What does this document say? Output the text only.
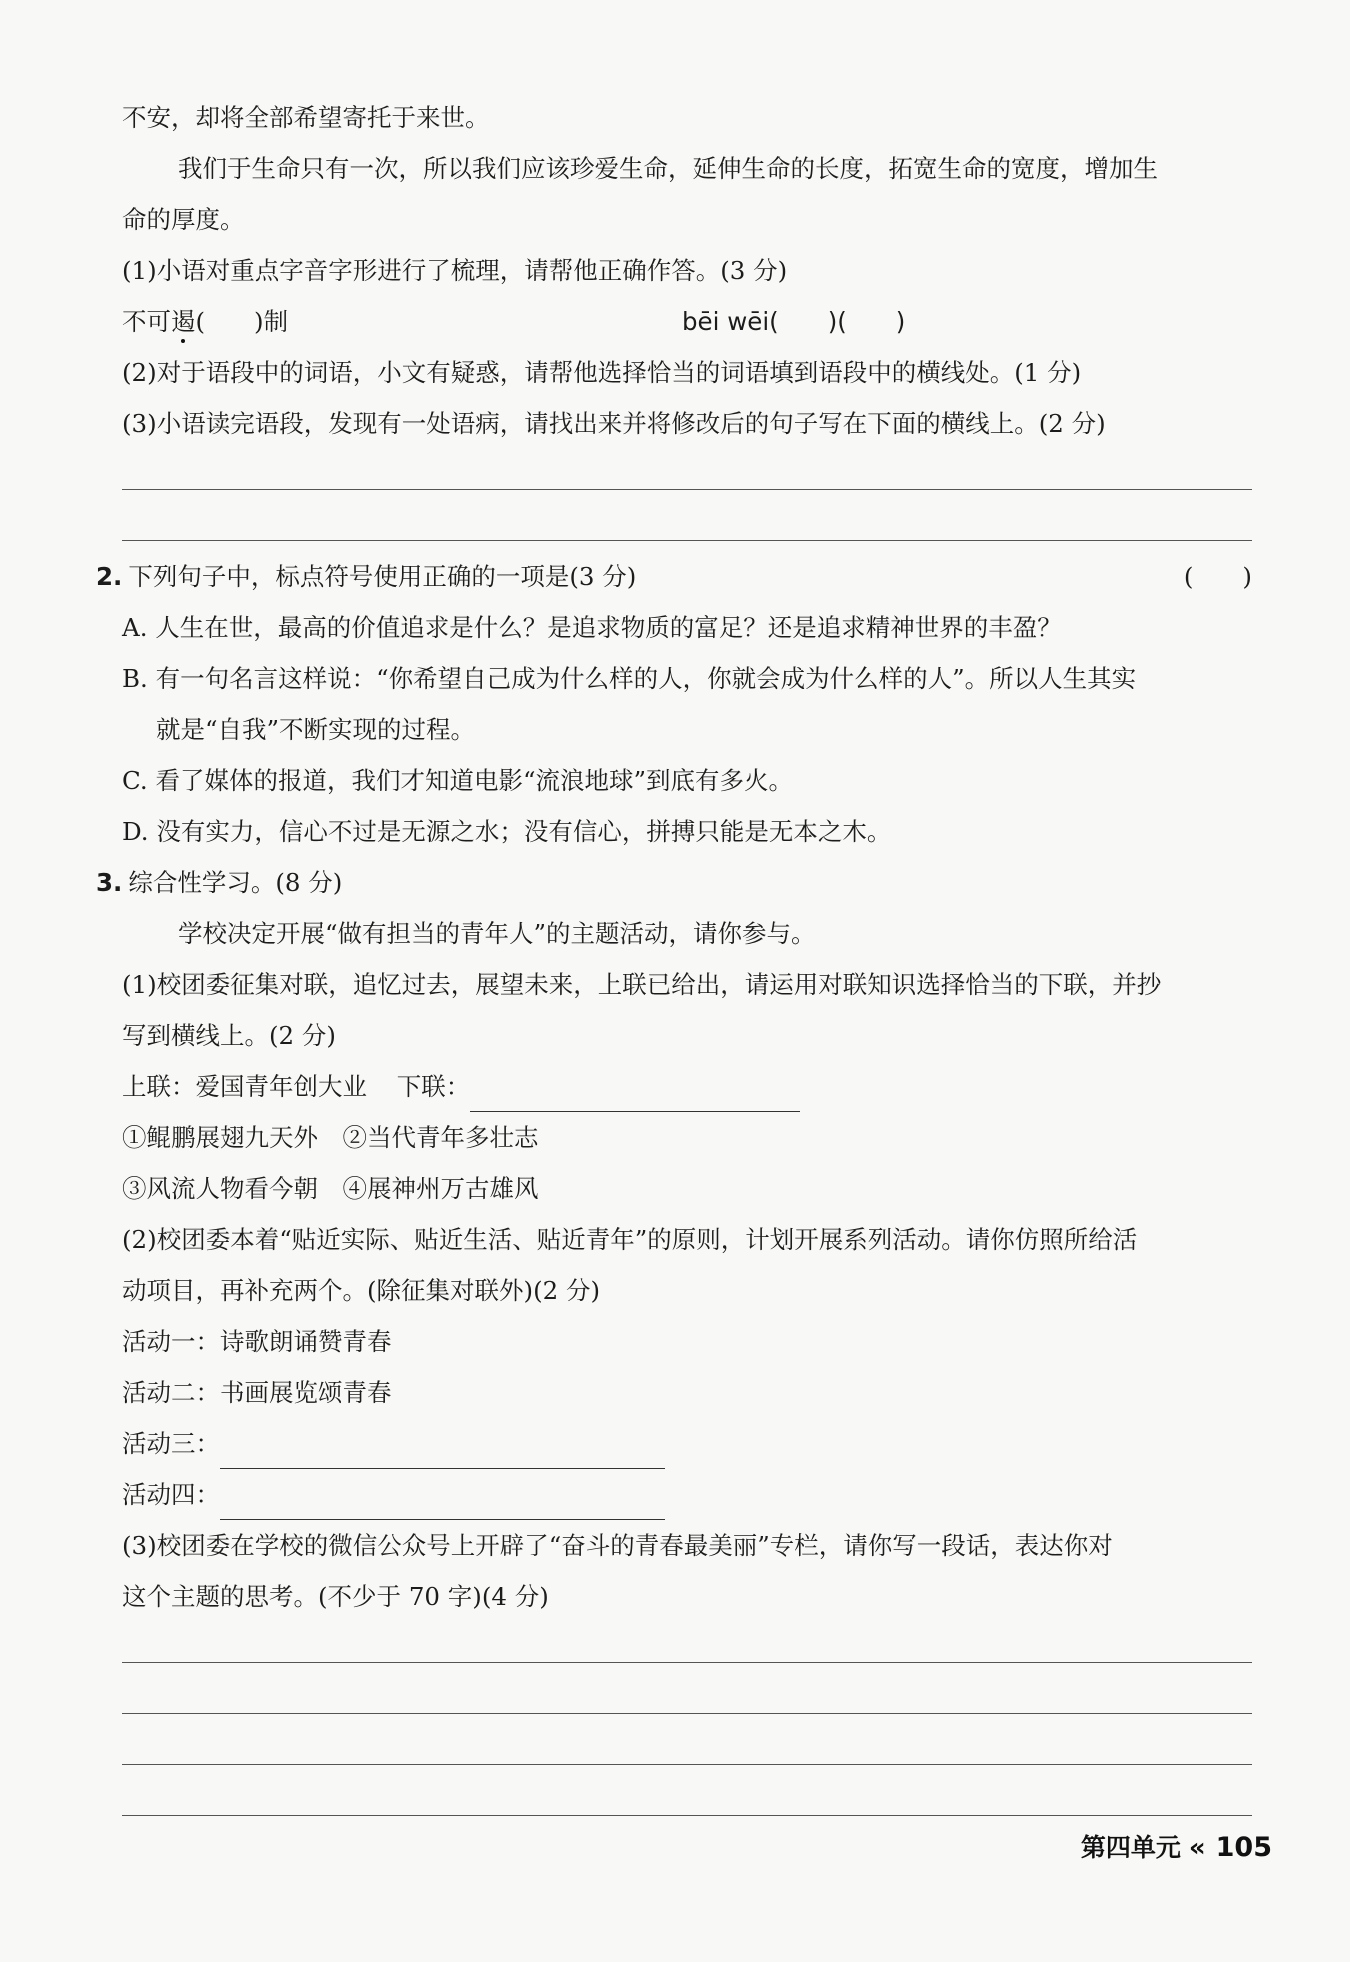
不安，却将全部希望寄托于来世。
我们于生命只有一次，所以我们应该珍爱生命，延伸生命的长度，拓宽生命的宽度，增加生
命的厚度。
(1)小语对重点字音字形进行了梳理，请帮他正确作答。(3 分)
不可遏(　　)制	bēi wēi(　　)(　　)
(2)对于语段中的词语，小文有疑惑，请帮他选择恰当的词语填到语段中的横线处。(1 分)
(3)小语读完语段，发现有一处语病，请找出来并将修改后的句子写在下面的横线上。(2 分)
2. 下列句子中，标点符号使用正确的一项是(3 分)	(　　)
A. 人生在世，最高的价值追求是什么？是追求物质的富足？还是追求精神世界的丰盈？
B. 有一句名言这样说：“你希望自己成为什么样的人，你就会成为什么样的人”。所以人生其实
就是“自我”不断实现的过程。
C. 看了媒体的报道，我们才知道电影“流浪地球”到底有多火。
D. 没有实力，信心不过是无源之水；没有信心，拼搏只能是无本之木。
3. 综合性学习。(8 分)
学校决定开展“做有担当的青年人”的主题活动，请你参与。
(1)校团委征集对联，追忆过去，展望未来，上联已给出，请运用对联知识选择恰当的下联，并抄
写到横线上。(2 分)
上联：爱国青年创大业 下联：
①鲲鹏展翅九天外　②当代青年多壮志
③风流人物看今朝　④展神州万古雄风
(2)校团委本着“贴近实际、贴近生活、贴近青年”的原则，计划开展系列活动。请你仿照所给活
动项目，再补充两个。(除征集对联外)(2 分)
活动一：诗歌朗诵赞青春
活动二：书画展览颂青春
活动三：
活动四：
(3)校团委在学校的微信公众号上开辟了“奋斗的青春最美丽”专栏，请你写一段话，表达你对
这个主题的思考。(不少于 70 字)(4 分)
第四单元 « 105
